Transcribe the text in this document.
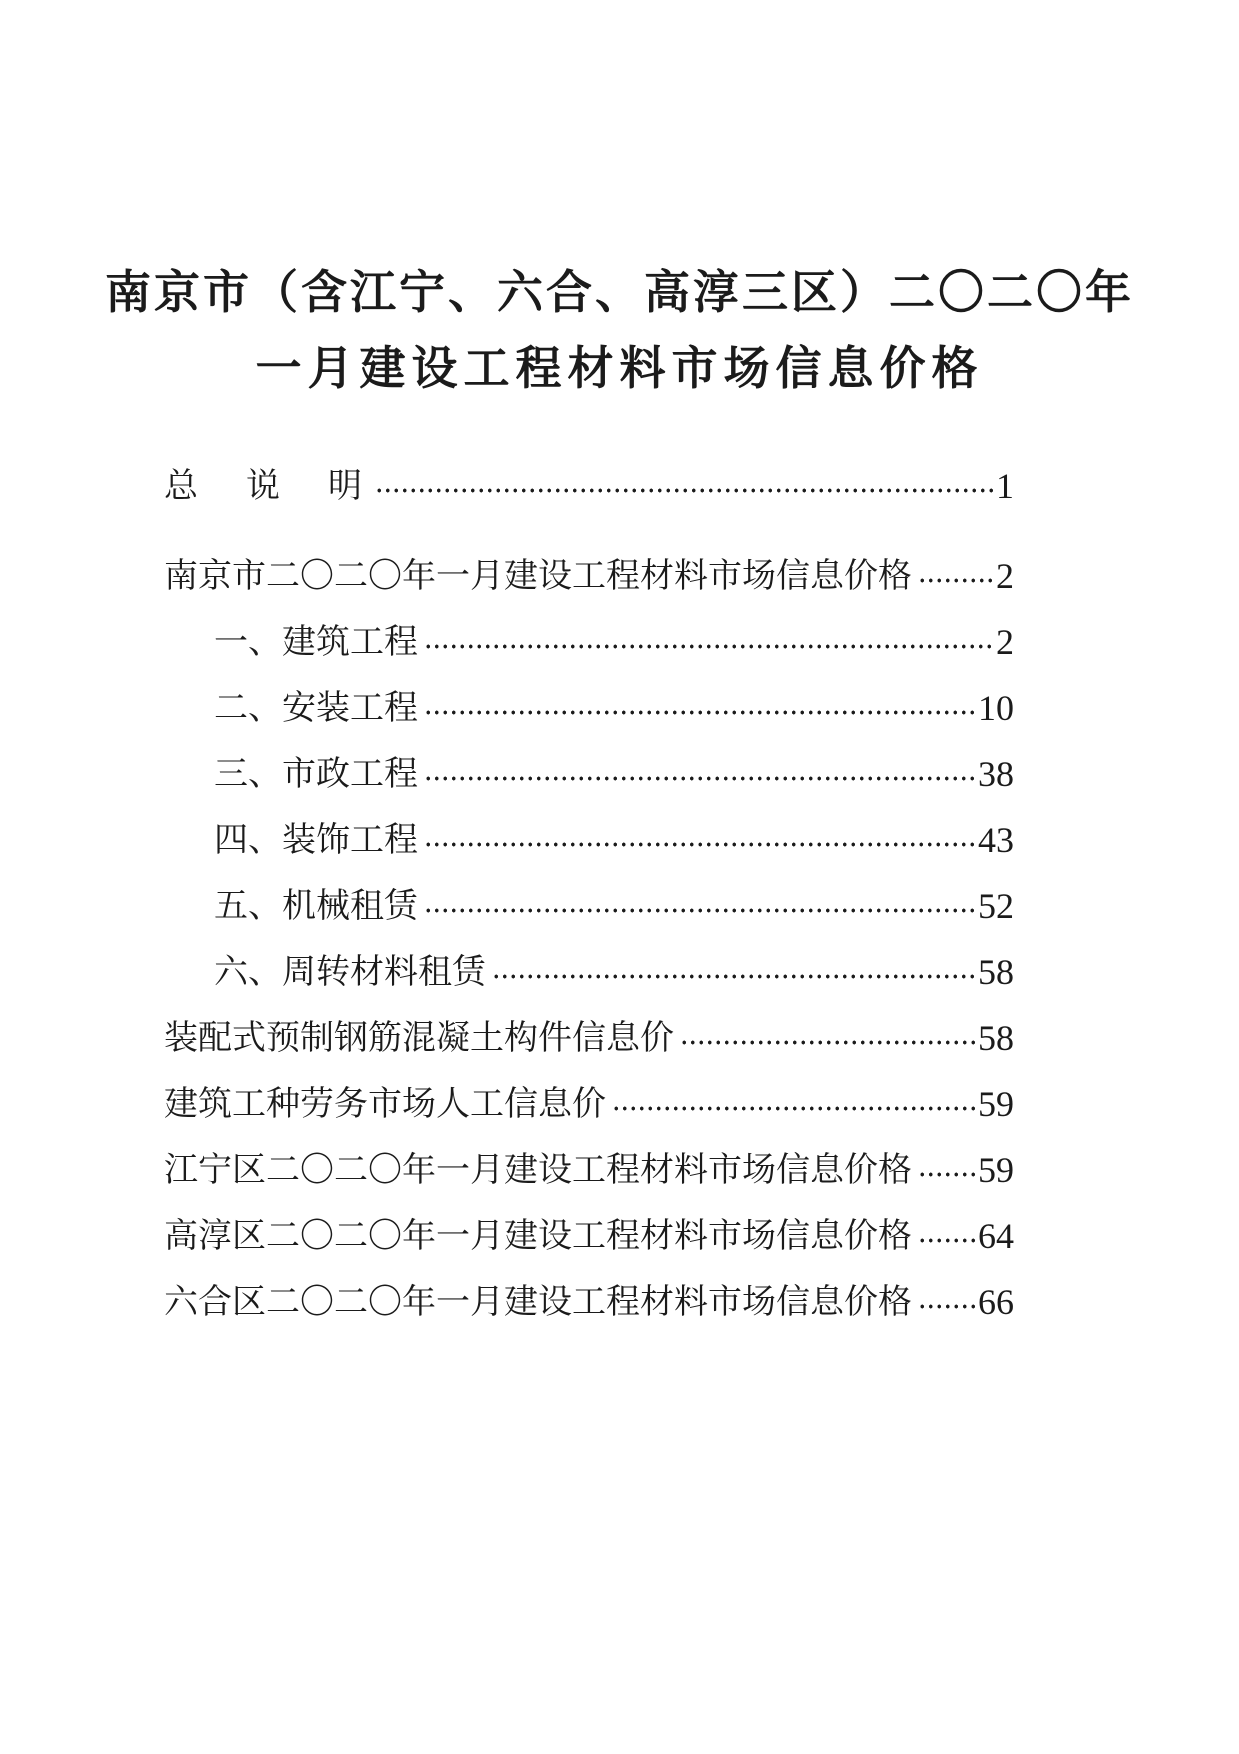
南京市（含江宁、六合、高淳三区）二〇二〇年
一月建设工程材料市场信息价格
总　说　明	1
南京市二〇二〇年一月建设工程材料市场信息价格 2
一、建筑工程	2
二、安装工程	10
三、市政工程	38
四、装饰工程	43
五、机械租赁	52
六、周转材料租赁	58
装配式预制钢筋混凝土构件信息价	58
建筑工种劳务市场人工信息价	59
江宁区二〇二〇年一月建设工程材料市场信息价格 59
高淳区二〇二〇年一月建设工程材料市场信息价格 64
六合区二〇二〇年一月建设工程材料市场信息价格 66
